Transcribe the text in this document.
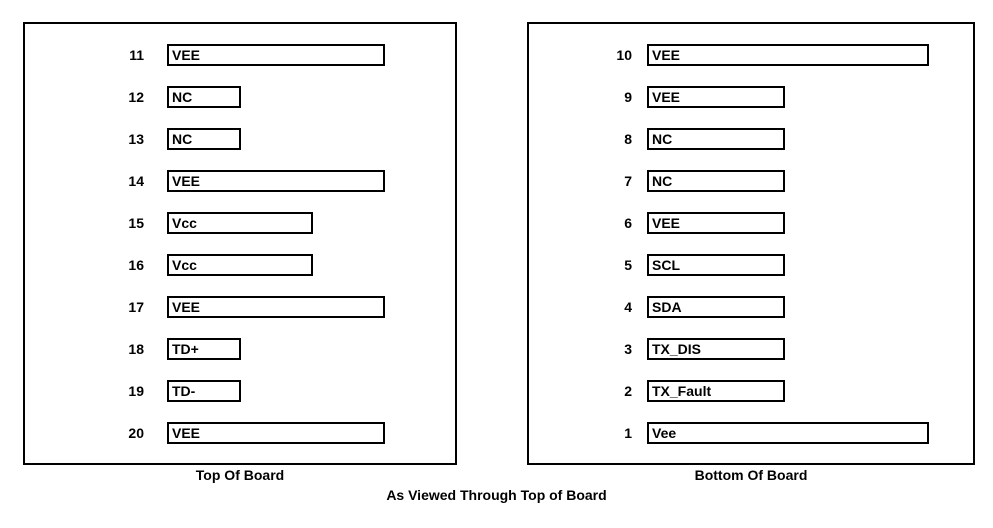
11	VEE
12	NC
13	NC
14	VEE
15	Vcc
16	Vcc
17	VEE
18	TD+
19	TD-
20	VEE
10	VEE
9	VEE
8	NC
7	NC
6	VEE
5	SCL
4	SDA
3	TX_DIS
2	TX_Fault
1	Vee
Top Of Board	Bottom Of Board
As Viewed Through Top of Board
